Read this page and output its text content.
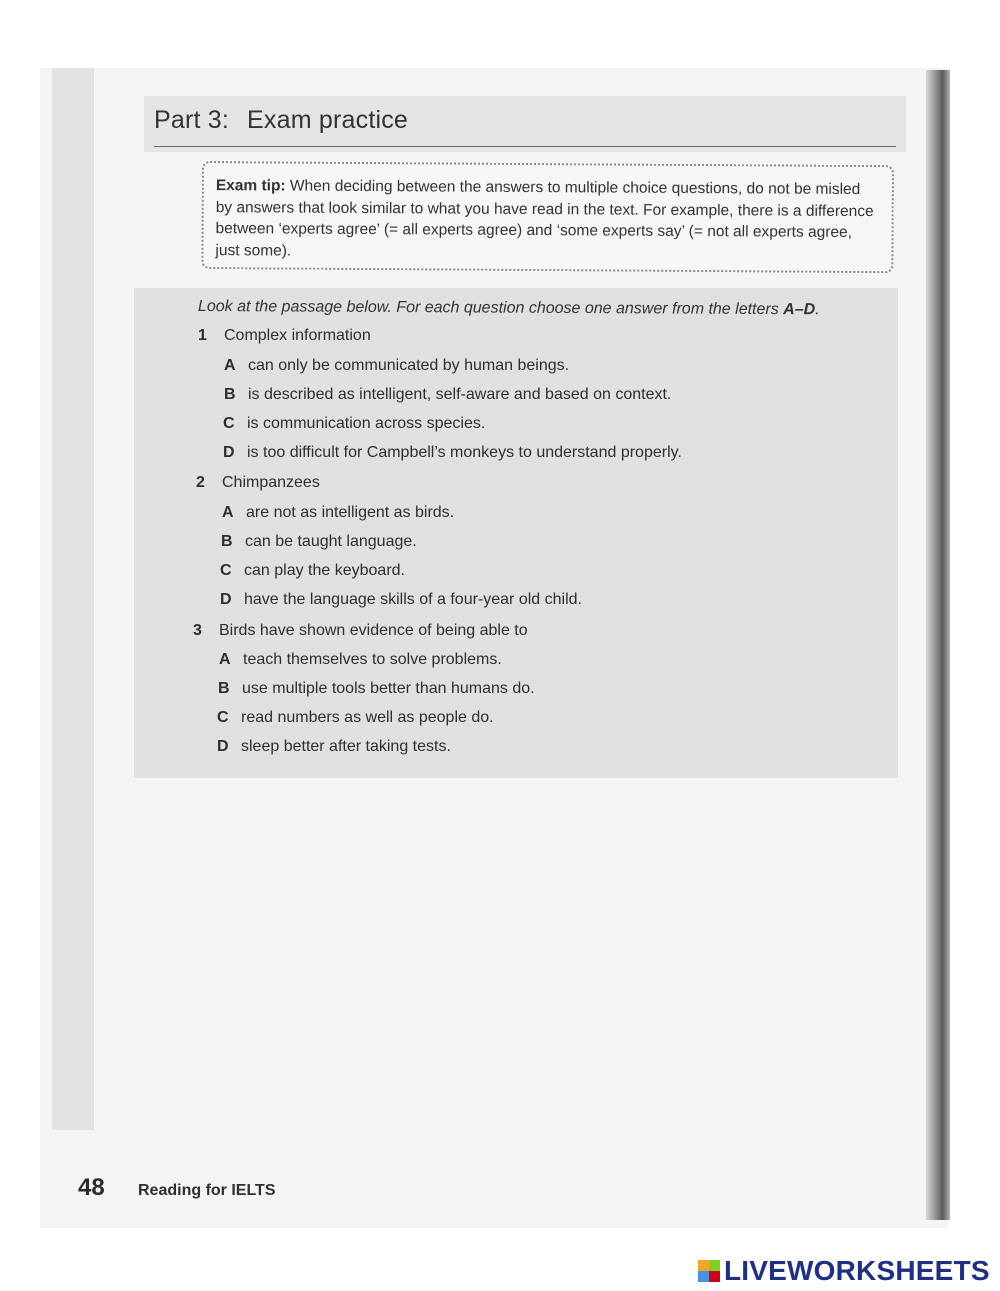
Part 3: Exam practice
Exam tip: When deciding between the answers to multiple choice questions, do not be misled by answers that look similar to what you have read in the text. For example, there is a difference between ‘experts agree’ (= all experts agree) and ‘some experts say’ (= not all experts agree, just some).
Look at the passage below. For each question choose one answer from the letters A–D.
1 Complex information
A can only be communicated by human beings.
B is described as intelligent, self-aware and based on context.
C is communication across species.
D is too difficult for Campbell’s monkeys to understand properly.
2 Chimpanzees
A are not as intelligent as birds.
B can be taught language.
C can play the keyboard.
D have the language skills of a four-year old child.
3 Birds have shown evidence of being able to
A teach themselves to solve problems.
B use multiple tools better than humans do.
C read numbers as well as people do.
D sleep better after taking tests.
48 Reading for IELTS
LIVEWORKSHEETS
